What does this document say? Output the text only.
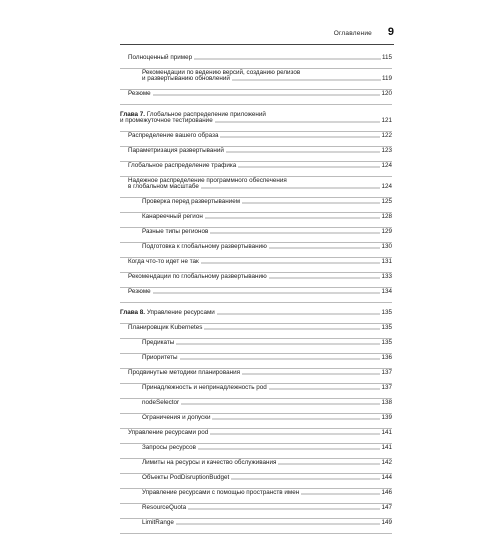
Оглавление 9
Полноценный пример	115
Рекомендации по ведению версий, созданию релизов
и развертыванию обновлений	119
Резюме	120
Глава 7. Глобальное распределение приложений
и промежуточное тестирование	121
Распределение вашего образа	122
Параметризация развертываний	123
Глобальное распределение трафика	124
Надежное распределение программного обеспечения
в глобальном масштабе	124
Проверка перед развертыванием	125
Канареечный регион	128
Разные типы регионов	129
Подготовка к глобальному развертыванию	130
Когда что-то идет не так	131
Рекомендации по глобальному развертыванию	133
Резюме	134
Глава 8. Управление ресурсами	135
Планировщик Kubernetes	135
Предикаты	135
Приоритеты	136
Продвинутые методики планирования	137
Принадлежность и непринадлежность pod	137
nodeSelector	138
Ограничения и допуски	139
Управление ресурсами pod	141
Запросы ресурсов	141
Лимиты на ресурсы и качество обслуживания	142
Объекты PodDisruptionBudget	144
Управление ресурсами с помощью пространств имен	146
ResourceQuota	147
LimitRange	149
